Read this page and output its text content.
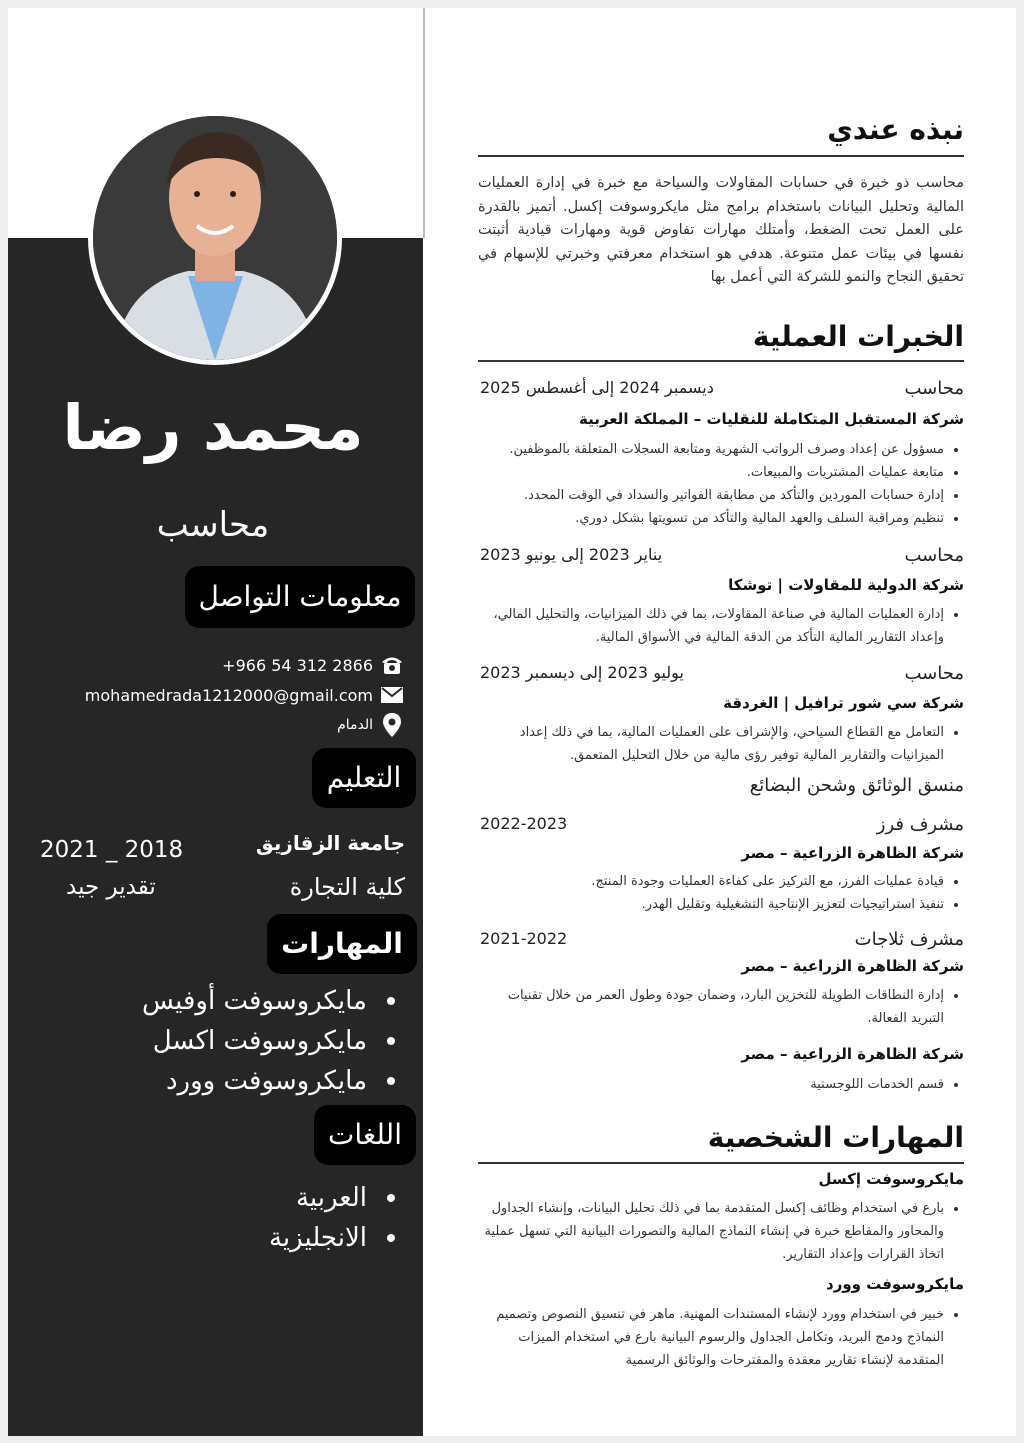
محمد رضا
محاسب
معلومات التواصل
+966 54 312 2866
mohamedrada1212000@gmail.com
الدمام
التعليم
جامعة الزقازيق
2021 _ 2018
كلية التجارة
تقدير جيد
المهارات
مايكروسوفت أوفيس
مايكروسوفت اكسل
مايكروسوفت وورد
اللغات
العربية
الانجليزية
نبذه عندي
محاسب ذو خبرة في حسابات المقاولات والسياحة مع خبرة في إدارة العمليات المالية وتحليل البيانات باستخدام برامج مثل مايكروسوفت إكسل. أتميز بالقدرة على العمل تحت الضغط، وأمتلك مهارات تفاوض قوية ومهارات قيادية أثبتت نفسها في بيئات عمل متنوعة. هدفي هو استخدام معرفتي وخبرتي للإسهام في تحقيق النجاح والنمو للشركة التي أعمل بها
الخبرات العملية
محاسب
ديسمبر 2024 إلى أغسطس 2025
شركة المستقبل المتكاملة للنقليات – المملكة العربية
مسؤول عن إعداد وصرف الرواتب الشهرية ومتابعة السجلات المتعلقة بالموظفين.
متابعة عمليات المشتريات والمبيعات.
إدارة حسابات الموردين والتأكد من مطابقة الفواتير والسداد في الوقت المحدد.
تنظيم ومراقبة السلف والعهد المالية والتأكد من تسويتها بشكل دوري.
محاسب
يناير 2023 إلى يونيو 2023
شركة الدولية للمقاولات | توشكا
إدارة العمليات المالية في صناعة المقاولات، بما في ذلك الميزانيات، والتحليل المالي، وإعداد التقارير المالية التأكد من الدقة المالية في الأسواق المالية.
محاسب
يوليو 2023 إلى ديسمبر 2023
شركة سي شور ترافيل | الغردقة
التعامل مع القطاع السياحي، والإشراف على العمليات المالية، بما في ذلك إعداد الميزانيات والتقارير المالية توفير رؤى مالية من خلال التحليل المتعمق.
منسق الوثائق وشحن البضائع
مشرف فرز
2022-2023
شركة الظاهرة الزراعية – مصر
قيادة عمليات الفرز، مع التركيز على كفاءة العمليات وجودة المنتج.
تنفيذ استراتيجيات لتعزيز الإنتاجية التشغيلية وتقليل الهدر.
مشرف ثلاجات
2021-2022
شركة الظاهرة الزراعية – مصر
إدارة النطاقات الطويلة للتخزين البارد، وضمان جودة وطول العمر من خلال تقنيات التبريد الفعالة.
شركة الظاهرة الزراعية – مصر
قسم الخدمات اللوجستية
المهارات الشخصية
مايكروسوفت إكسل
بارع في استخدام وظائف إكسل المتقدمة بما في ذلك تحليل البيانات، وإنشاء الجداول والمحاور والمقاطع خبرة في إنشاء النماذج المالية والتصورات البيانية التي تسهل عملية اتخاذ القرارات وإعداد التقارير.
مايكروسوفت وورد
خبير في استخدام وورد لإنشاء المستندات المهنية. ماهر في تنسيق النصوص وتصميم النماذج ودمج البريد، وتكامل الجداول والرسوم البيانية بارع في استخدام الميزات المتقدمة لإنشاء تقارير معقدة والمقترحات والوثائق الرسمية
